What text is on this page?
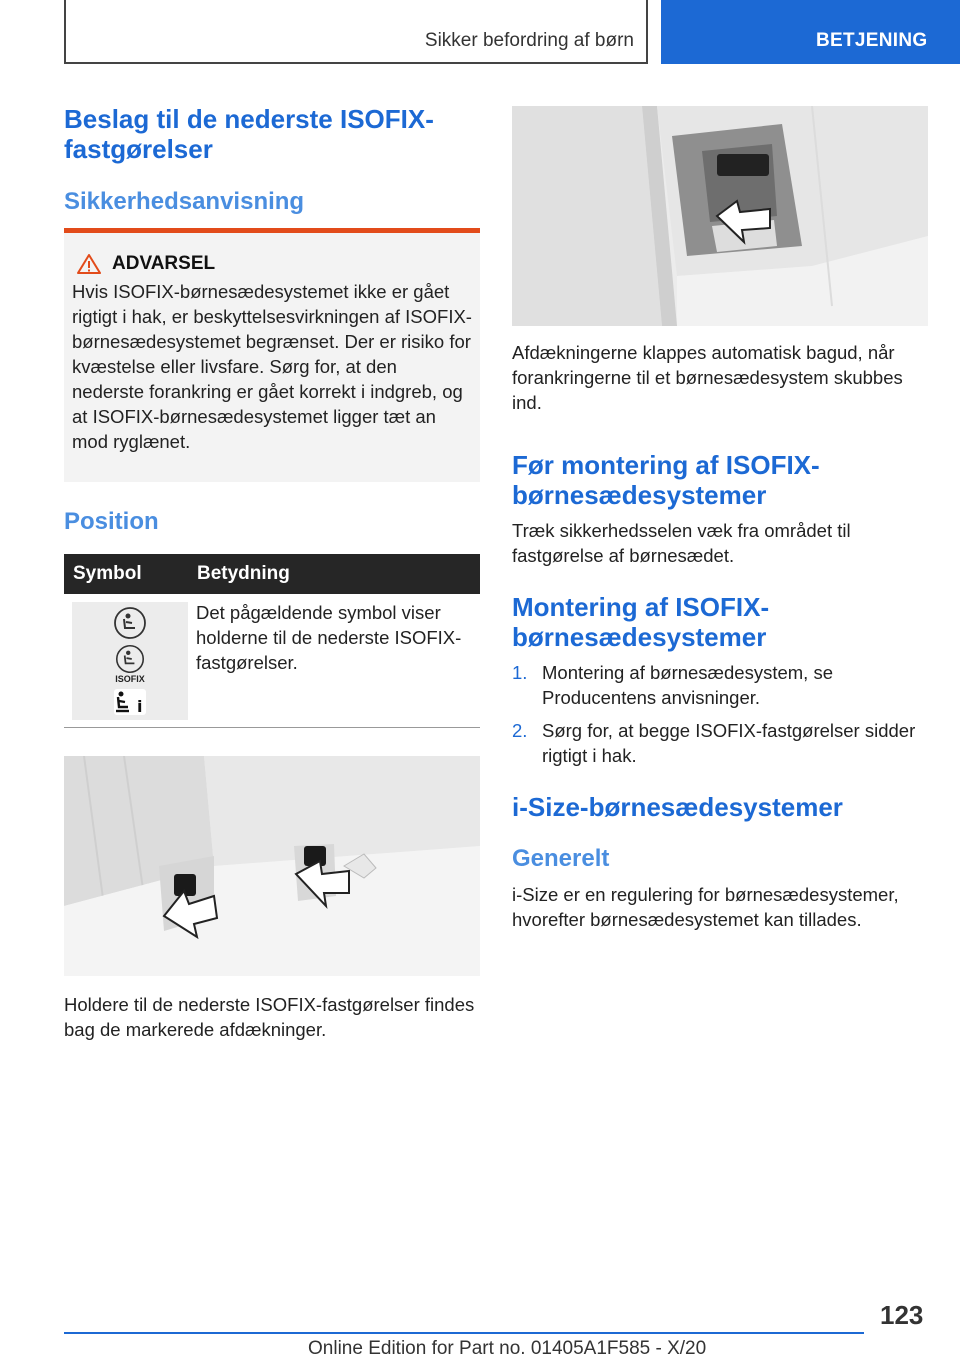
Sikker befordring af børn	BETJENING
Beslag til de nederste ISOFIX-fastgørelser
Sikkerhedsanvisning
ADVARSEL

Hvis ISOFIX-børnesædesystemet ikke er gået rigtigt i hak, er beskyttelsesvirkningen af ISOFIX-børnesædesystemet begrænset. Der er risiko for kvæstelse eller livsfare. Sørg for, at den nederste forankring er gået korrekt i indgreb, og at ISOFIX-børnesædesystemet ligger tæt an mod ryglænet.

Position
Symbol	Betydning
ISOFIX
i
Det pågældende symbol viser holderne til de nederste ISOFIX-fastgørelser.

Holdere til de nederste ISOFIX-fastgørelser findes bag de markerede afdækninger.

Afdækningerne klappes automatisk bagud, når forankringerne til et børnesædesystem skubbes ind.

Før montering af ISOFIX-børnesædesystemer

Træk sikkerhedsselen væk fra området til fastgørelse af børnesædet.

Montering af ISOFIX-børnesædesystemer
1. Montering af børnesædesystem, se Producentens anvisninger.
2. Sørg for, at begge ISOFIX-fastgørelser sidder rigtigt i hak.
i-Size-børnesædesystemer
Generelt

i-Size er en regulering for børnesædesystemer, hvorefter børnesædesystemet kan tillades.

123
Online Edition for Part no. 01405A1F585 - X/20
